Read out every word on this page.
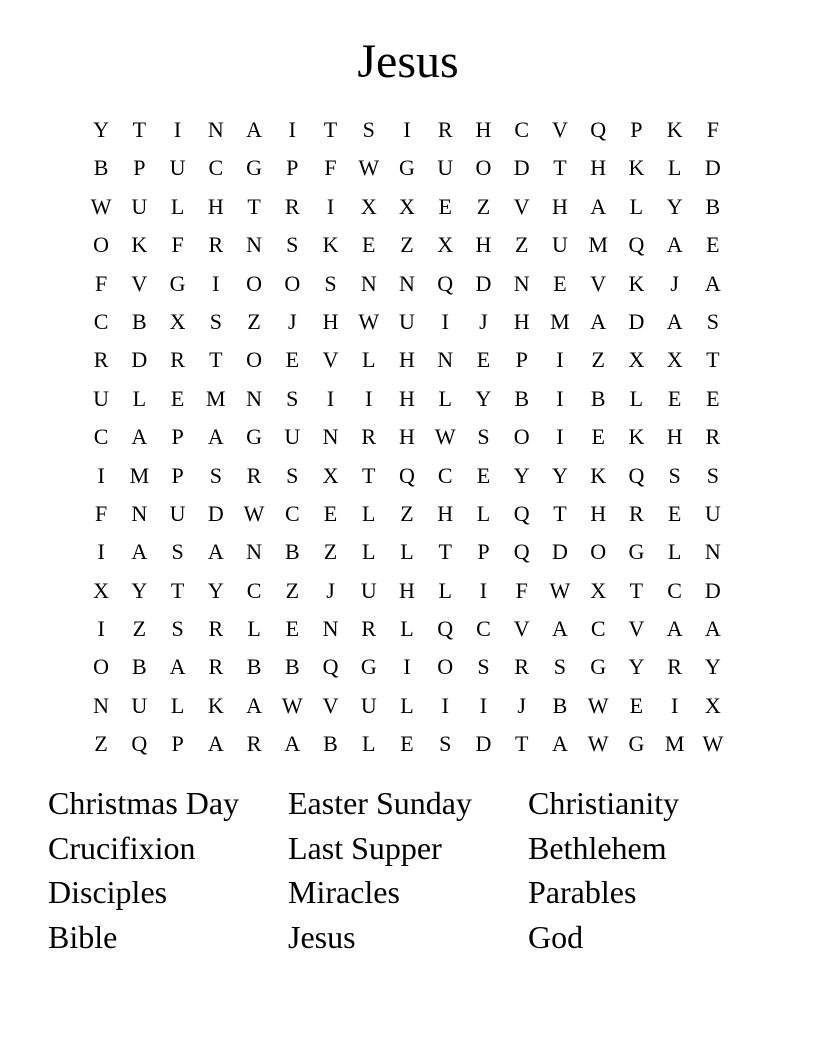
Jesus
Y	T	I	N	A	I	T	S	I	R	H	C	V	Q	P	K	F
B	P	U	C	G	P	F W G	U	O	D	T	H	K	L	D
W U	L	H	T	R	I	X	X	E	Z	V	H	A	L	Y	B
O	K	F	R	N	S	K	E	Z	X	H	Z	U M Q	A	E
F	V	G	I	O	O	S	N	N	Q	D	N	E	V	K	J	A
C	B	X	S	Z	J	H W U	I	J	H M A	D	A	S
R	D	R	T	O	E	V	L	H	N	E	P	I	Z	X	X	T
U	L	E M N	S	I	I	H	L	Y	B	I	B	L	E	E
C	A	P	A	G	U	N	R	H W S	O	I	E	K	H	R
I	M	P	S	R	S	X	T	Q	C	E	Y	Y	K	Q	S	S
F	N	U	D W C	E	L	Z	H	L	Q	T	H	R	E	U
I	A	S	A	N	B	Z	L	L	T	P	Q	D	O	G	L	N
X	Y	T	Y	C	Z	J	U	H	L	I	F W X	T	C	D
I	Z	S	R	L	E	N	R	L	Q	C	V	A	C	V	A	A
O	B	A	R	B	B	Q	G	I	O	S	R	S	G	Y	R	Y
N	U	L	K	A W V	U	L	I	I	J	B W E	I	X
Z	Q	P	A	R	A	B	L	E	S	D	T	A W G M W
Christmas Day	Easter Sunday	Christianity
Crucifixion	Last Supper	Bethlehem
Disciples	Miracles	Parables
Bible	Jesus	God
